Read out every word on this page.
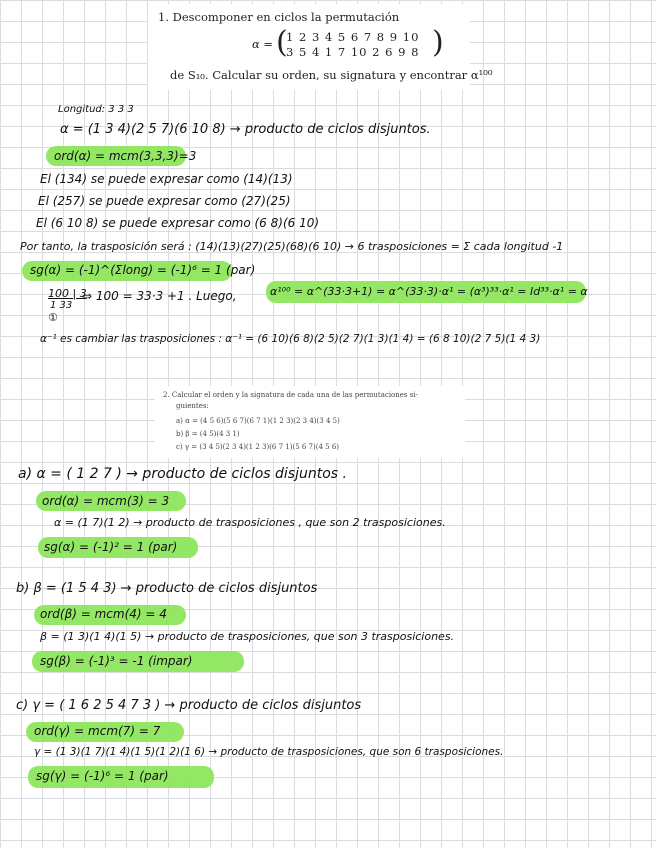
1. Descomponer en ciclos la permutación
α = (
1 2 3 4 5 6 7 8 9 10
3 5 4 1 7 10 2 6 9 8 )
de S₁₀. Calcular su orden, su signatura y encontrar α¹⁰⁰
Longitud: 3 3 3
α = (1 3 4)(2 5 7)(6 10 8) → producto de ciclos disjuntos.
ord(α) = mcm(3,3,3)=3
El (134) se puede expresar como (14)(13)
El (257) se puede expresar como (27)(25)
El (6 10 8) se puede expresar como (6 8)(6 10)
Por tanto, la trasposición será : (14)(13)(27)(25)(68)(6 10) → 6 trasposiciones = Σ cada longitud -1
sg(α) = (-1)^(Σlong) = (-1)⁶ = 1 (par)
100 | 3
1 33
①
⇒ 100 = 33·3 +1 . Luego,	α¹⁰⁰ = α^(33·3+1) = α^(33·3)·α¹ = (α³)³³·α¹ = Id³³·α¹ = α
α⁻¹ es cambiar las trasposiciones : α⁻¹ = (6 10)(6 8)(2 5)(2 7)(1 3)(1 4) = (6 8 10)(2 7 5)(1 4 3)
2. Calcular el orden y la signatura de cada una de las permutaciones si-
guientes:
a) α = (4 5 6)(5 6 7)(6 7 1)(1 2 3)(2 3 4)(3 4 5)
b) β = (4 5)(4 3 1)
c) γ = (3 4 5)(2 3 4)(1 2 3)(6 7 1)(5 6 7)(4 5 6)
a) α = ( 1 2 7 ) → producto de ciclos disjuntos .
ord(α) = mcm(3) = 3
α = (1 7)(1 2) → producto de trasposiciones , que son 2 trasposiciones.
sg(α) = (-1)² = 1 (par)
b) β = (1 5 4 3) → producto de ciclos disjuntos
ord(β) = mcm(4) = 4
β = (1 3)(1 4)(1 5) → producto de trasposiciones, que son 3 trasposiciones.
sg(β) = (-1)³ = -1 (impar)
c) γ = ( 1 6 2 5 4 7 3 ) → producto de ciclos disjuntos
ord(γ) = mcm(7) = 7
γ = (1 3)(1 7)(1 4)(1 5)(1 2)(1 6) → producto de trasposiciones, que son 6 trasposiciones.
sg(γ) = (-1)⁶ = 1 (par)
